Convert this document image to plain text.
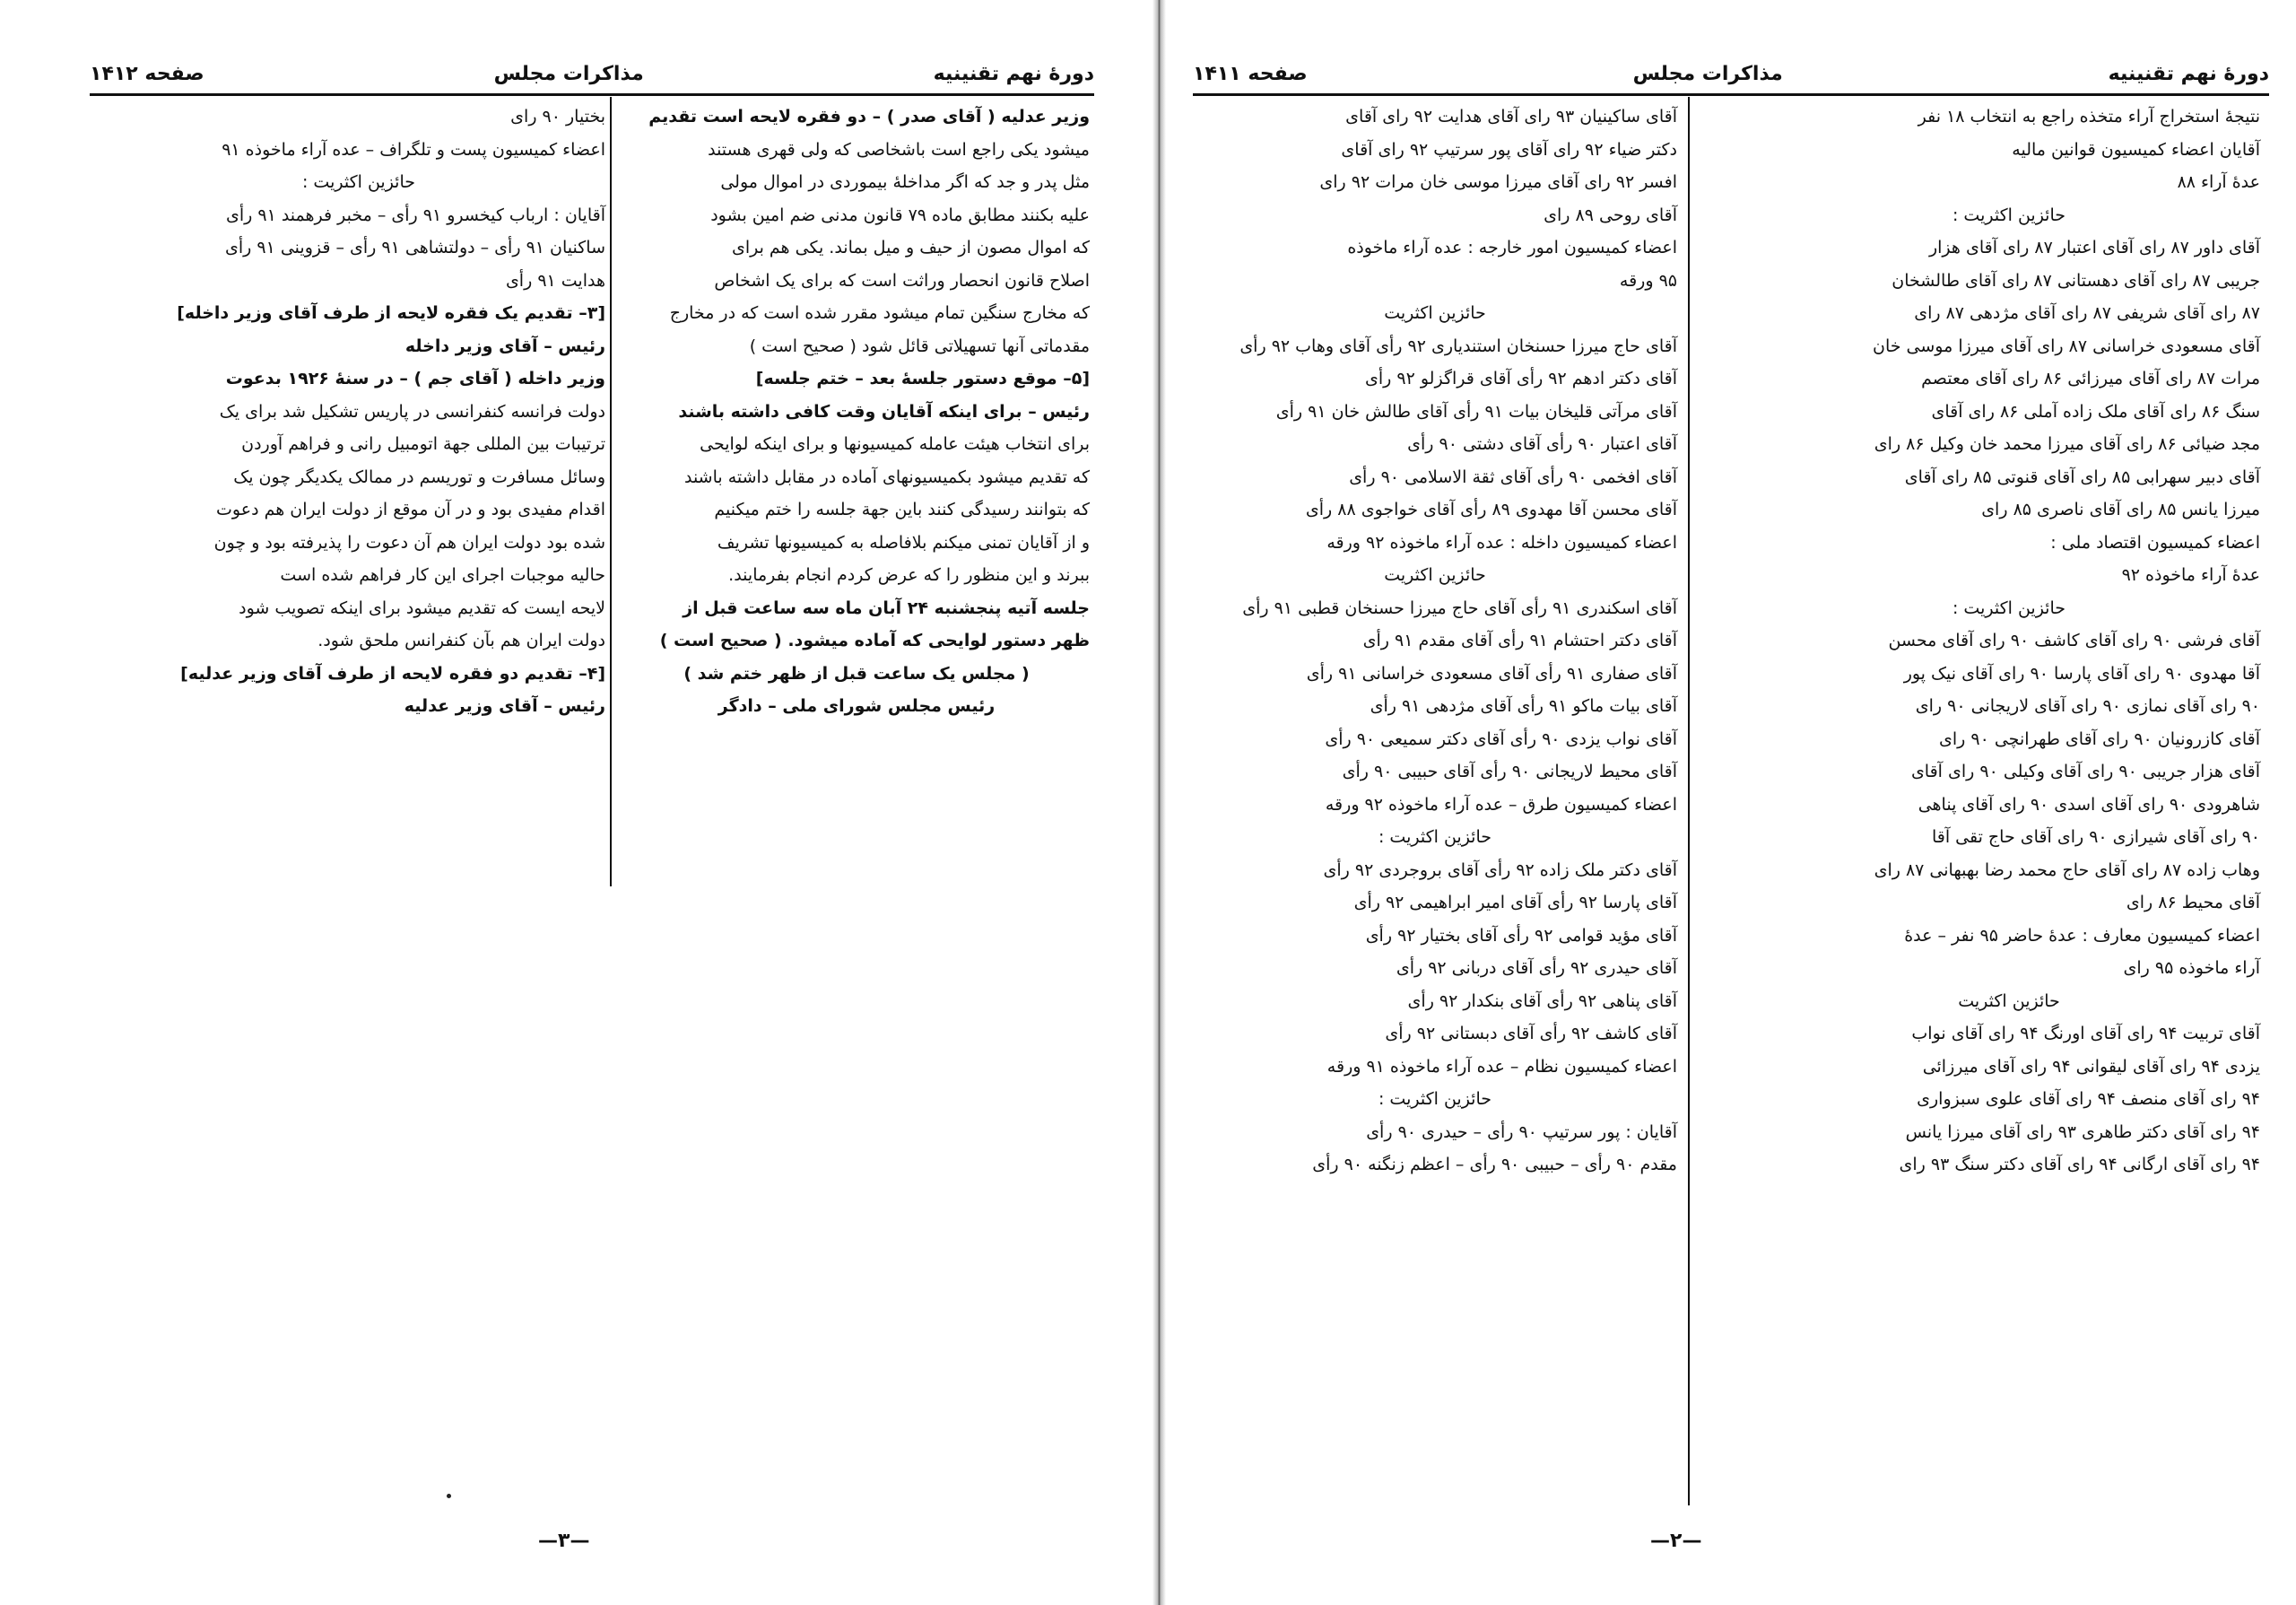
دورهٔ نهم تقنینیه
مذاکرات مجلس
صفحه ۱۴۱۲
بختیار ۹۰ رای
اعضاء کمیسیون پست و تلگراف – عده آراء ماخوذه ۹۱
حائزین اکثریت :
آقایان : ارباب کیخسرو ۹۱ رأی – مخبر فرهمند ۹۱ رأی
ساکنیان ۹۱ رأی – دولتشاهی ۹۱ رأی – قزوینی ۹۱ رأی
هدایت ۹۱ رأی
[۳– تقدیم یک فقره لایحه از طرف آقای وزیر داخله]
رئیس – آقای وزیر داخله
وزیر داخله ( آقای جم ) – در سنهٔ ۱۹۲۶ بدعوت
دولت فرانسه کنفرانسی در پاریس تشکیل شد برای یک
ترتیبات بین المللی جهة اتومبیل رانی و فراهم آوردن
وسائل مسافرت و توریسم در ممالک یکدیگر چون یک
اقدام مفیدی بود و در آن موقع از دولت ایران هم دعوت
شده بود دولت ایران هم آن دعوت را پذیرفته بود و چون
حالیه موجبات اجرای این کار فراهم شده است
لایحه ایست که تقدیم میشود برای اینکه تصویب شود
دولت ایران هم بآن کنفرانس ملحق شود.
[۴– تقدیم دو فقره لایحه از طرف آقای وزیر عدلیه]
رئیس – آقای وزیر عدلیه
وزیر عدلیه ( آقای صدر ) – دو فقره لایحه است تقدیم
میشود یکی راجع است باشخاصی که ولی قهری هستند
مثل پدر و جد که اگر مداخلهٔ بیموردی در اموال مولی
علیه بکنند مطابق ماده ۷۹ قانون مدنی ضم امین بشود
که اموال مصون از حیف و میل بماند. یکی هم برای
اصلاح قانون انحصار وراثت است که برای یک اشخاص
که مخارج سنگین تمام میشود مقرر شده است که در مخارج
مقدماتی آنها تسهیلاتی قائل شود ( صحیح است )
[۵– موقع دستور جلسهٔ بعد – ختم جلسه]
رئیس – برای اینکه آقایان وقت کافی داشته باشند
برای انتخاب هیئت عامله کمیسیونها و برای اینکه لوایحی
که تقدیم میشود بکمیسیونهای آماده در مقابل داشته باشند
که بتوانند رسیدگی کنند باین جهة جلسه را ختم میکنیم
و از آقایان تمنی میکنم بلافاصله به کمیسیونها تشریف
ببرند و این منظور را که عرض کردم انجام بفرمایند.
جلسه آتیه پنجشنبه ۲۴ آبان ماه سه ساعت قبل از
ظهر دستور لوایحی که آماده میشود. ( صحیح است )
( مجلس یک ساعت قبل از ظهر ختم شد )
رئیس مجلس شورای ملی – دادگر
—۳—
دورهٔ نهم تقنینیه
مذاکرات مجلس
صفحه ۱۴۱۱
نتیجهٔ استخراج آراء متخذه راجع به انتخاب ۱۸ نفر
آقایان اعضاء کمیسیون قوانین مالیه
عدهٔ آراء ۸۸
حائزین اکثریت :
آقای داور ۸۷ رای آقای اعتبار ۸۷ رای آقای هزار
جریبی ۸۷ رای آقای دهستانی ۸۷ رای آقای طالشخان
۸۷ رای آقای شریفی ۸۷ رای آقای مژدهی ۸۷ رای
آقای مسعودی خراسانی ۸۷ رای آقای میرزا موسی خان
مرات ۸۷ رای آقای میرزائی ۸۶ رای آقای معتصم
سنگ ۸۶ رای آقای ملک زاده آملی ۸۶ رای آقای
مجد ضیائی ۸۶ رای آقای میرزا محمد خان وکیل ۸۶ رای
آقای دبیر سهرابی ۸۵ رای آقای قنوتی ۸۵ رای آقای
میرزا یانس ۸۵ رای آقای ناصری ۸۵ رای
اعضاء کمیسیون اقتصاد ملی :
عدهٔ آراء ماخوذه ۹۲
حائزین اکثریت :
آقای فرشی ۹۰ رای آقای کاشف ۹۰ رای آقای محسن
آقا مهدوی ۹۰ رای آقای پارسا ۹۰ رای آقای نیک پور
۹۰ رای آقای نمازی ۹۰ رای آقای لاریجانی ۹۰ رای
آقای کازرونیان ۹۰ رای آقای طهرانچی ۹۰ رای
آقای هزار جریبی ۹۰ رای آقای وکیلی ۹۰ رای آقای
شاهرودی ۹۰ رای آقای اسدی ۹۰ رای آقای پناهی
۹۰ رای آقای شیرازی ۹۰ رای آقای حاج تقی آقا
وهاب زاده ۸۷ رای آقای حاج محمد رضا بهبهانی ۸۷ رای
آقای محیط ۸۶ رای
اعضاء کمیسیون معارف : عدهٔ حاضر ۹۵ نفر – عدهٔ
آراء ماخوذه ۹۵ رای
حائزین اکثریت
آقای تربیت ۹۴ رای آقای اورنگ ۹۴ رای آقای نواب
یزدی ۹۴ رای آقای لیقوانی ۹۴ رای آقای میرزائی
۹۴ رای آقای منصف ۹۴ رای آقای علوی سبزواری
۹۴ رای آقای دکتر طاهری ۹۳ رای آقای میرزا یانس
۹۴ رای آقای ارگانی ۹۴ رای آقای دکتر سنگ ۹۳ رای
آقای ساکینیان ۹۳ رای آقای هدایت ۹۲ رای آقای
دکتر ضیاء ۹۲ رای آقای پور سرتیپ ۹۲ رای آقای
افسر ۹۲ رای آقای میرزا موسی خان مرات ۹۲ رای
آقای روحی ۸۹ رای
اعضاء کمیسیون امور خارجه : عده آراء ماخوذه
۹۵ ورقه
حائزین اکثریت
آقای حاج میرزا حسنخان استندیاری ۹۲ رأی آقای وهاب ۹۲ رأی
آقای دکتر ادهم ۹۲ رأی آقای قراگزلو ۹۲ رأی
آقای مرآتی قلیخان بیات ۹۱ رأی آقای طالش خان ۹۱ رأی
آقای اعتبار ۹۰ رأی آقای دشتی ۹۰ رأی
آقای افخمی ۹۰ رأی آقای ثقة الاسلامی ۹۰ رأی
آقای محسن آقا مهدوی ۸۹ رأی آقای خواجوی ۸۸ رأی
اعضاء کمیسیون داخله : عده آراء ماخوذه ۹۲ ورقه
حائزین اکثریت
آقای اسکندری ۹۱ رأی آقای حاج میرزا حسنخان قطبی ۹۱ رأی
آقای دکتر احتشام ۹۱ رأی آقای مقدم ۹۱ رأی
آقای صفاری ۹۱ رأی آقای مسعودی خراسانی ۹۱ رأی
آقای بیات ماکو ۹۱ رأی آقای مژدهی ۹۱ رأی
آقای نواب یزدی ۹۰ رأی آقای دکتر سمیعی ۹۰ رأی
آقای محیط لاریجانی ۹۰ رأی آقای حبیبی ۹۰ رأی
اعضاء کمیسیون طرق – عده آراء ماخوذه ۹۲ ورقه
حائزین اکثریت :
آقای دکتر ملک زاده ۹۲ رأی آقای بروجردی ۹۲ رأی
آقای پارسا ۹۲ رأی آقای امیر ابراهیمی ۹۲ رأی
آقای مؤید قوامی ۹۲ رأی آقای بختیار ۹۲ رأی
آقای حیدری ۹۲ رأی آقای دربانی ۹۲ رأی
آقای پناهی ۹۲ رأی آقای بنکدار ۹۲ رأی
آقای کاشف ۹۲ رأی آقای دبستانی ۹۲ رأی
اعضاء کمیسیون نظام – عده آراء ماخوذه ۹۱ ورقه
حائزین اکثریت :
آقایان : پور سرتیپ ۹۰ رأی – حیدری ۹۰ رأی
مقدم ۹۰ رأی – حبیبی ۹۰ رأی – اعظم زنگنه ۹۰ رأی
—۲—
